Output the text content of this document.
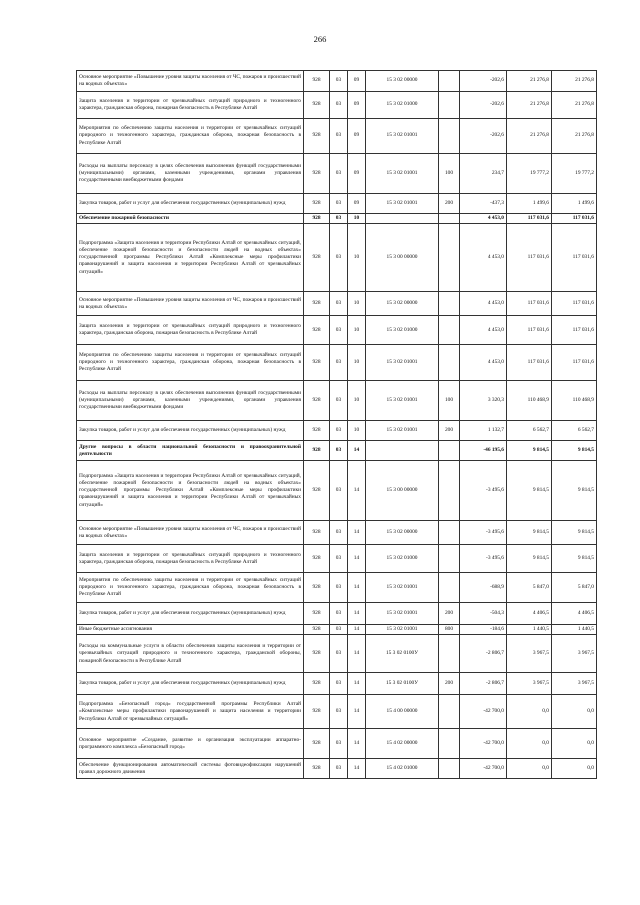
266
Основное мероприятие «Повышение уровня защиты населения от ЧС, пожаров и происшествий на водных объектах»	928	03	09	15 3 02 00000		-202,6	21 276,8	21 276,8
Защита населения и территории от чрезвычайных ситуаций природного и техногенного характера, гражданская оборона, пожарная безопасность в Республике Алтай	928	03	09	15 3 02 01000		-202,6	21 276,8	21 276,8
Мероприятия по обеспечению защиты населения и территории от чрезвычайных ситуаций природного и техногенного характера, гражданская оборона, пожарная безопасность в Республике Алтай	928	03	09	15 3 02 01001		-202,6	21 276,8	21 276,8
Расходы на выплаты персоналу в целях обеспечения выполнения функций государственными (муниципальными) органами, казенными учреждениями, органами управления государственными внебюджетными фондами	928	03	09	15 3 02 01001	100	234,7	19 777,2	19 777,2
Закупка товаров, работ и услуг для обеспечения государственных (муниципальных) нужд	928	03	09	15 3 02 01001	200	-437,3	1 499,6	1 499,6
Обеспечение пожарной безопасности	928	03	10			4 453,0	117 031,6	117 031,6
Подпрограмма «Защита населения и территории Республики Алтай от чрезвычайных ситуаций, обеспечение пожарной безопасности и безопасности людей на водных объектах» государственной программы Республики Алтай «Комплексные меры профилактики правонарушений и защита населения и территории Республики Алтай от чрезвычайных ситуаций»	928	03	10	15 3 00 00000		4 453,0	117 031,6	117 031,6
Основное мероприятие «Повышение уровня защиты населения от ЧС, пожаров и происшествий на водных объектах»	928	03	10	15 3 02 00000		4 453,0	117 031,6	117 031,6
Защита населения и территории от чрезвычайных ситуаций природного и техногенного характера, гражданская оборона, пожарная безопасность в Республике Алтай	928	03	10	15 3 02 01000		4 453,0	117 031,6	117 031,6
Мероприятия по обеспечению защиты населения и территории от чрезвычайных ситуаций природного и техногенного характера, гражданская оборона, пожарная безопасность в Республике Алтай	928	03	10	15 3 02 01001		4 453,0	117 031,6	117 031,6
Расходы на выплаты персоналу в целях обеспечения выполнения функций государственными (муниципальными) органами, казенными учреждениями, органами управления государственными внебюджетными фондами	928	03	10	15 3 02 01001	100	3 320,3	110 468,9	110 468,9
Закупка товаров, работ и услуг для обеспечения государственных (муниципальных) нужд	928	03	10	15 3 02 01001	200	1 132,7	6 562,7	6 562,7
Другие вопросы в области национальной безопасности и правоохранительной деятельности	928	03	14			-46 195,6	9 814,5	9 814,5
Подпрограмма «Защита населения и территории Республики Алтай от чрезвычайных ситуаций, обеспечение пожарной безопасности и безопасности людей на водных объектах» государственной программы Республики Алтай «Комплексные меры профилактики правонарушений и защита населения и территории Республики Алтай от чрезвычайных ситуаций»	928	03	14	15 3 00 00000		-3 495,6	9 814,5	9 814,5
Основное мероприятие «Повышение уровня защиты населения от ЧС, пожаров и происшествий на водных объектах»	928	03	14	15 3 02 00000		-3 495,6	9 814,5	9 814,5
Защита населения и территории от чрезвычайных ситуаций природного и техногенного характера, гражданская оборона, пожарная безопасность в Республике Алтай	928	03	14	15 3 02 01000		-3 495,6	9 814,5	9 814,5
Мероприятия по обеспечению защиты населения и территории от чрезвычайных ситуаций природного и техногенного характера, гражданская оборона, пожарная безопасность в Республике Алтай	928	03	14	15 3 02 01001		-688,9	5 847,0	5 847,0
Закупка товаров, работ и услуг для обеспечения государственных (муниципальных) нужд	928	03	14	15 3 02 01001	200	-504,3	4 406,5	4 406,5
Иные бюджетные ассигнования	928	03	14	15 3 02 01001	800	-184,6	1 440,5	1 440,5
Расходы на коммунальные услуги в области обеспечения защиты населения и территории от чрезвычайных ситуаций природного и техногенного характера, гражданской обороны, пожарной безопасности в Республике Алтай	928	03	14	15 3 02 0100У		-2 806,7	3 967,5	3 967,5
Закупка товаров, работ и услуг для обеспечения государственных (муниципальных) нужд	928	03	14	15 3 02 0100У	200	-2 806,7	3 967,5	3 967,5
Подпрограмма «Безопасный город» государственной программы Республики Алтай «Комплексные меры профилактики правонарушений и защита населения и территории Республики Алтай от чрезвычайных ситуаций»	928	03	14	15 4 00 00000		-42 700,0	0,0	0,0
Основное мероприятие «Создание, развитие и организация эксплуатации аппаратно-программного комплекса «Безопасный город»	928	03	14	15 4 02 00000		-42 700,0	0,0	0,0
Обеспечение функционирования автоматической системы фотовидеофиксации нарушений правил дорожного движения	928	03	14	15 4 02 01000		-42 700,0	0,0	0,0
